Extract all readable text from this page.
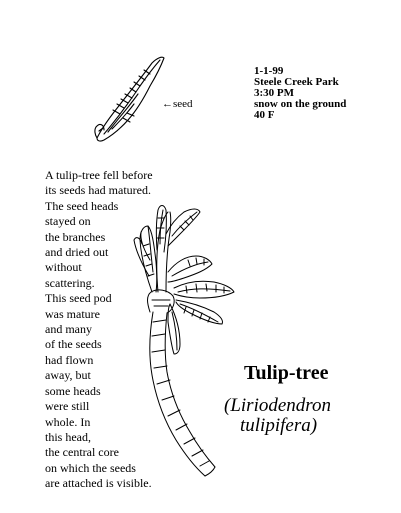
1-1-99
Steele Creek Park
3:30 PM
snow on the ground
40 F
←seed
A tulip-tree fell before
its seeds had matured.
The seed heads
stayed on
the branches
and dried out
without
scattering.
This seed pod
was mature
and many
of the seeds
had flown
away, but
some heads
were still
whole. In
this head,
the central core
on which the seeds
are attached is visible.
Tulip-tree
(Liriodendron
tulipifera)
